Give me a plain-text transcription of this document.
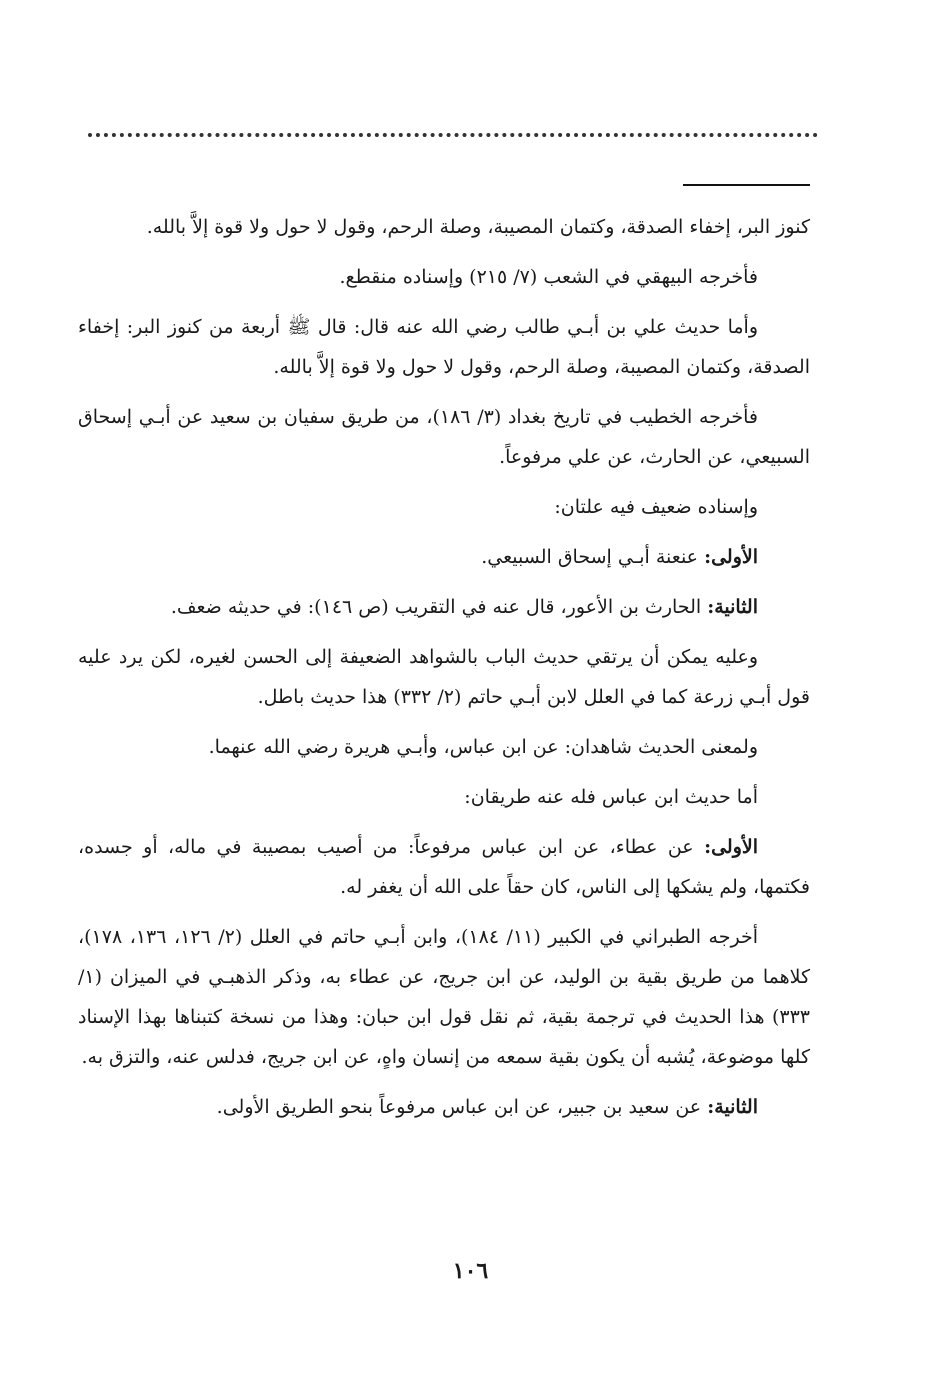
كنوز البر، إخفاء الصدقة، وكتمان المصيبة، وصلة الرحم، وقول لا حول ولا قوة إلاَّ بالله.

فأخرجه البيهقي في الشعب (٧/ ٢١٥) وإسناده منقطع.

وأما حديث علي بن أبـي طالب رضي الله عنه قال: قال ﷺ أربعة من كنوز البر: إخفاء الصدقة، وكتمان المصيبة، وصلة الرحم، وقول لا حول ولا قوة إلاَّ بالله.

فأخرجه الخطيب في تاريخ بغداد (٣/ ١٨٦)، من طريق سفيان بن سعيد عن أبـي إسحاق السبيعي، عن الحارث، عن علي مرفوعاً.

وإسناده ضعيف فيه علتان:

الأولى: عنعنة أبـي إسحاق السبيعي.

الثانية: الحارث بن الأعور، قال عنه في التقريب (ص ١٤٦): في حديثه ضعف.

وعليه يمكن أن يرتقي حديث الباب بالشواهد الضعيفة إلى الحسن لغيره، لكن يرد عليه قول أبـي زرعة كما في العلل لابن أبـي حاتم (٢/ ٣٣٢) هذا حديث باطل.

ولمعنى الحديث شاهدان: عن ابن عباس، وأبـي هريرة رضي الله عنهما.

أما حديث ابن عباس فله عنه طريقان:

الأولى: عن عطاء، عن ابن عباس مرفوعاً: من أصيب بمصيبة في ماله، أو جسده، فكتمها، ولم يشكها إلى الناس، كان حقاً على الله أن يغفر له.

أخرجه الطبراني في الكبير (١١/ ١٨٤)، وابن أبـي حاتم في العلل (٢/ ١٢٦، ١٣٦، ١٧٨)، كلاهما من طريق بقية بن الوليد، عن ابن جريج، عن عطاء به، وذكر الذهبـي في الميزان (١/ ٣٣٣) هذا الحديث في ترجمة بقية، ثم نقل قول ابن حبان: وهذا من نسخة كتبناها بهذا الإسناد كلها موضوعة، يُشبه أن يكون بقية سمعه من إنسان واهٍ، عن ابن جريج، فدلس عنه، والتزق به.

الثانية: عن سعيد بن جبير، عن ابن عباس مرفوعاً بنحو الطريق الأولى.

١٠٦
